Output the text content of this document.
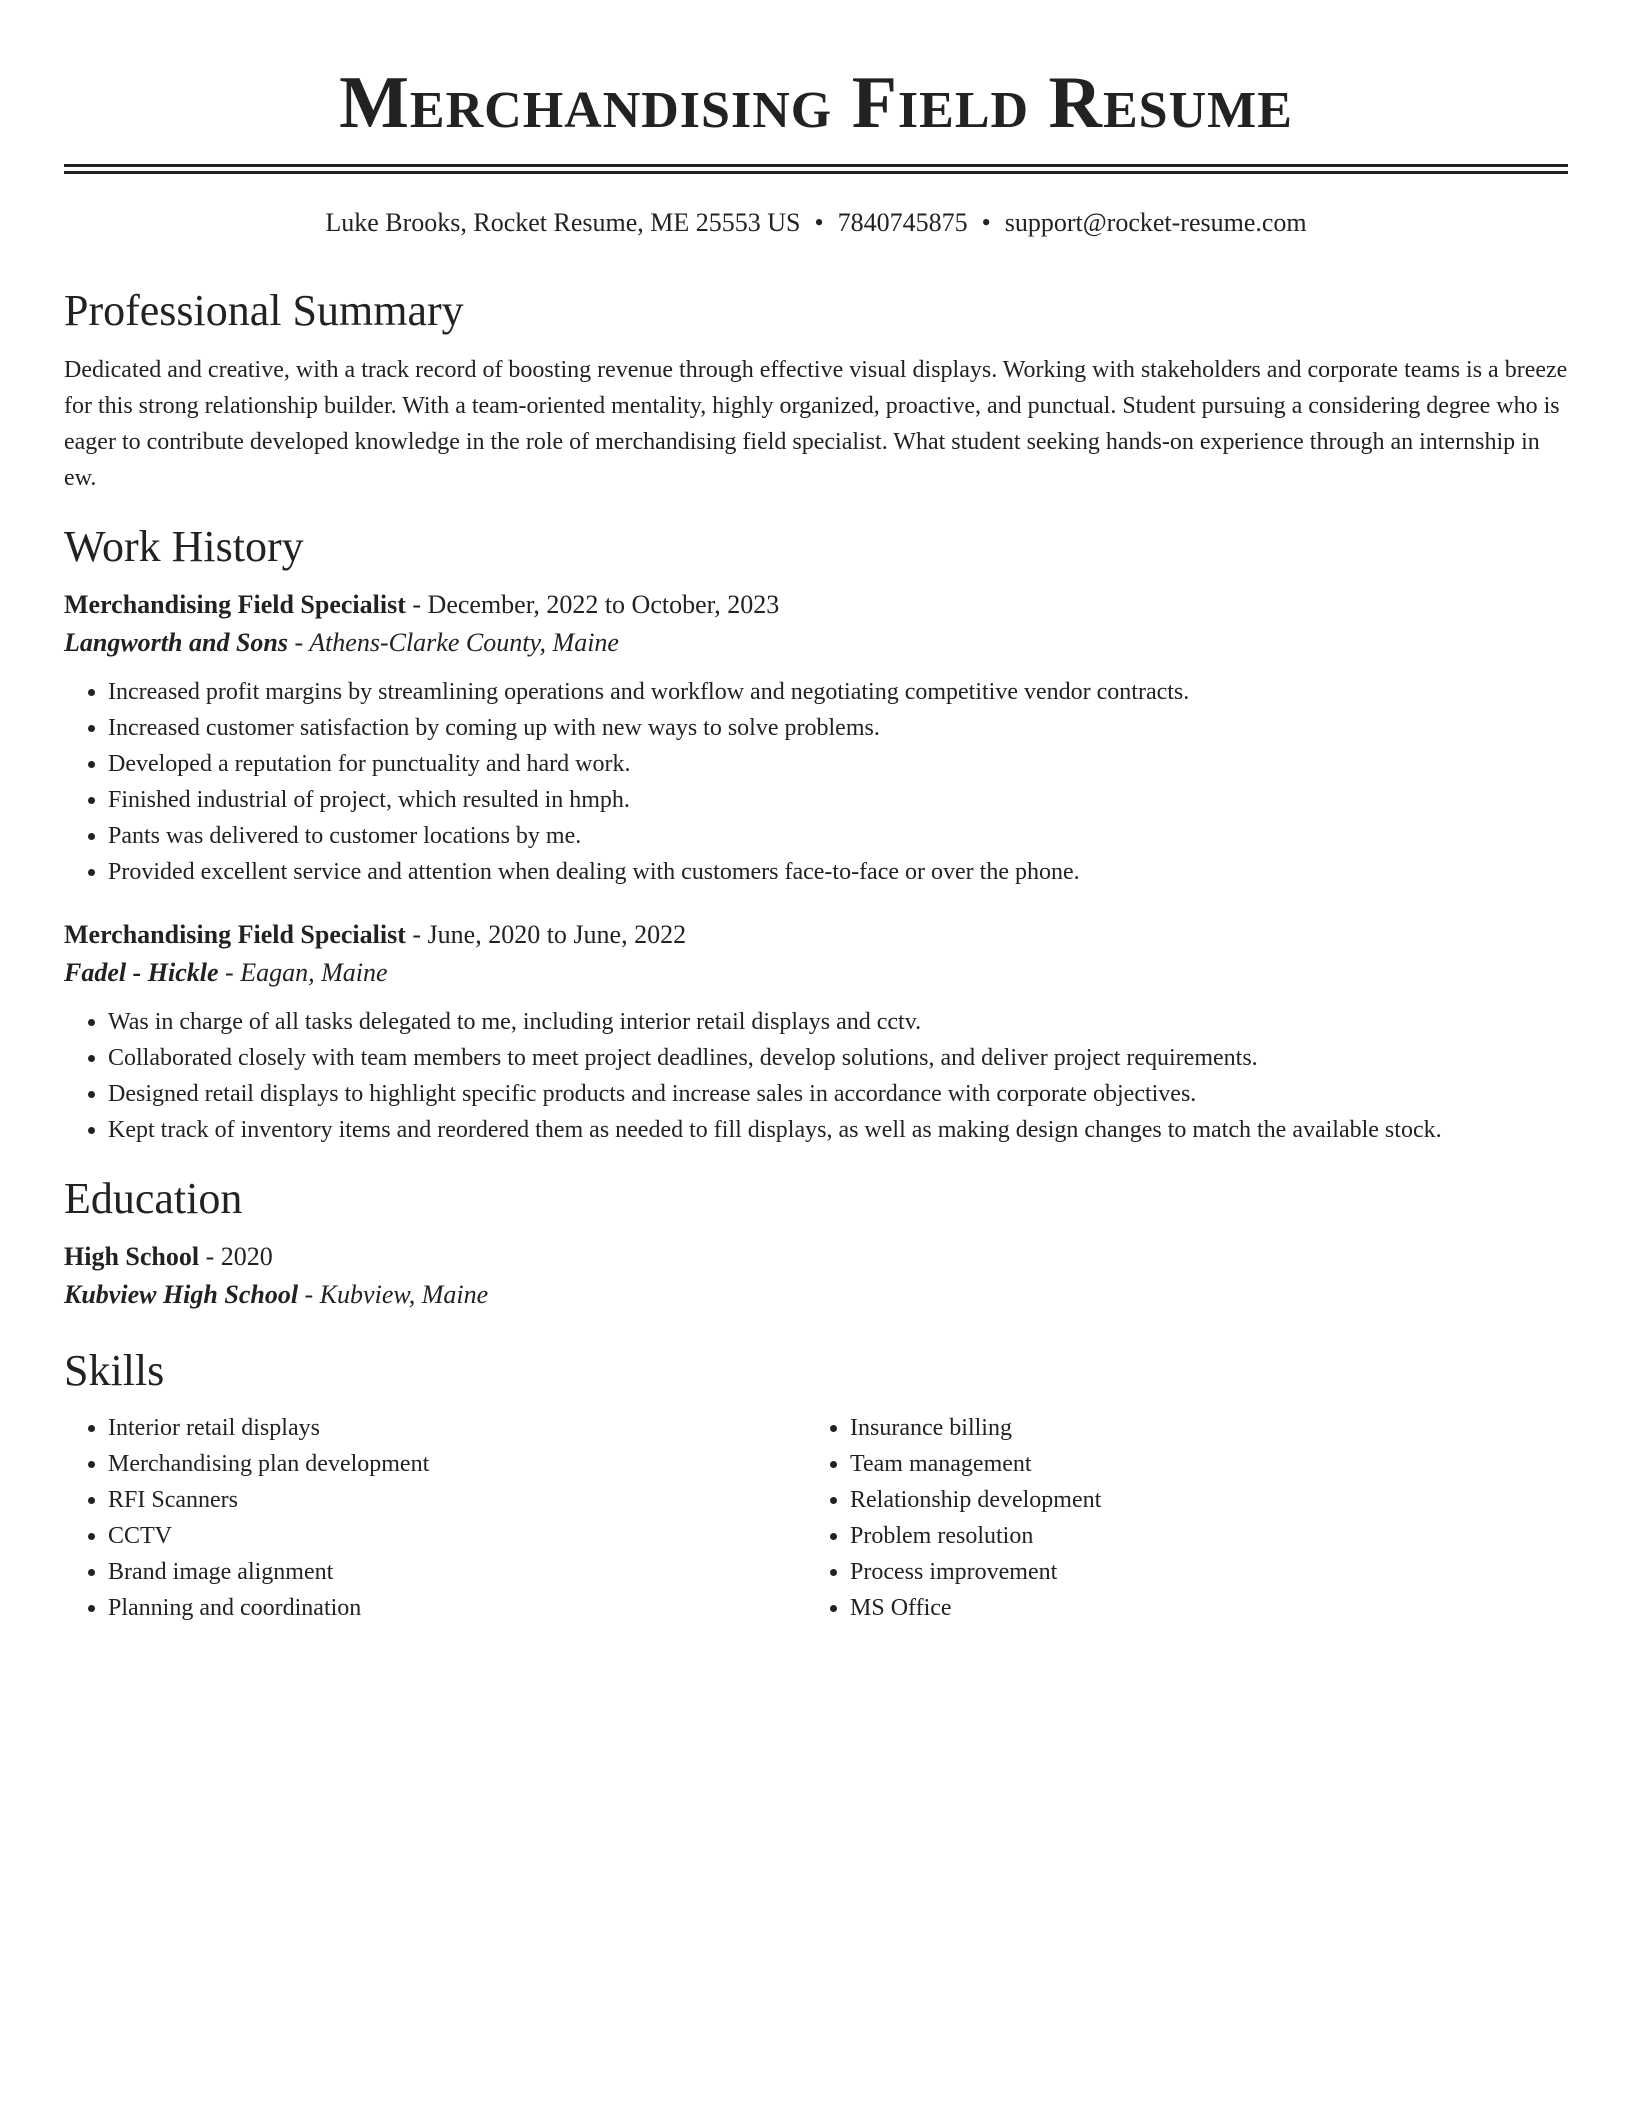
Merchandising Field Resume
Luke Brooks, Rocket Resume, ME 25553 US • 7840745875 • support@rocket-resume.com
Professional Summary

Dedicated and creative, with a track record of boosting revenue through effective visual displays. Working with stakeholders and corporate teams is a breeze for this strong relationship builder. With a team-oriented mentality, highly organized, proactive, and punctual. Student pursuing a considering degree who is eager to contribute developed knowledge in the role of merchandising field specialist. What student seeking hands-on experience through an internship in ew.

Work History
Merchandising Field Specialist - December, 2022 to October, 2023
Langworth and Sons - Athens-Clarke County, Maine
• Increased profit margins by streamlining operations and workflow and negotiating competitive vendor contracts.
• Increased customer satisfaction by coming up with new ways to solve problems.
• Developed a reputation for punctuality and hard work.
• Finished industrial of project, which resulted in hmph.
• Pants was delivered to customer locations by me.
• Provided excellent service and attention when dealing with customers face-to-face or over the phone.
Merchandising Field Specialist - June, 2020 to June, 2022
Fadel - Hickle - Eagan, Maine
• Was in charge of all tasks delegated to me, including interior retail displays and cctv.
• Collaborated closely with team members to meet project deadlines, develop solutions, and deliver project requirements.
• Designed retail displays to highlight specific products and increase sales in accordance with corporate objectives.
• Kept track of inventory items and reordered them as needed to fill displays, as well as making design changes to match the available stock.
Education
High School - 2020
Kubview High School - Kubview, Maine
Skills
• Interior retail displays
• Merchandising plan development
• RFI Scanners
• CCTV
• Brand image alignment
• Planning and coordination
• Insurance billing
• Team management
• Relationship development
• Problem resolution
• Process improvement
• MS Office
